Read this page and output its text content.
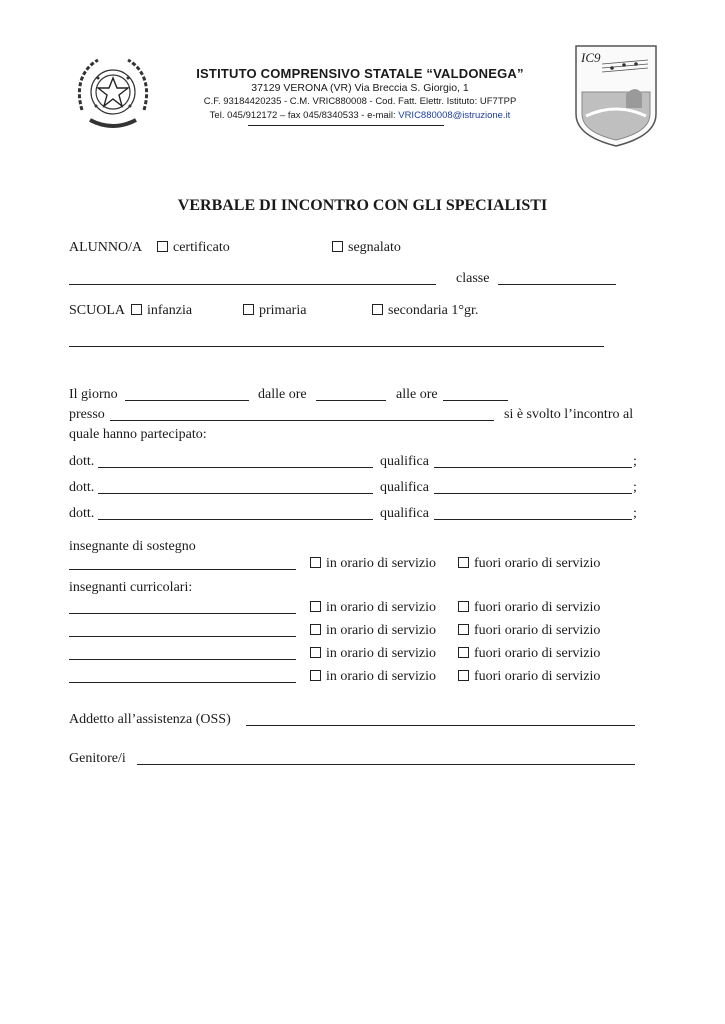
ISTITUTO COMPRENSIVO STATALE “VALDONEGA”
37129 VERONA (VR) Via Breccia S. Giorgio, 1
C.F. 93184420235 - C.M. VRIC880008 - Cod. Fatt. Elettr. Istituto: UF7TPP
Tel. 045/912172 – fax 045/8340533 - e-mail: VRIC880008@istruzione.it
IC9
VERBALE DI INCONTRO CON GLI SPECIALISTI
ALUNNO/A	certificato	segnalato
classe
SCUOLA	infanzia	primaria	secondaria 1°gr.
Il giorno	dalle ore	alle ore
presso	si è svolto l’incontro al
quale hanno partecipato:
dott.	qualifica	;
dott.	qualifica	;
dott.	qualifica	;
insegnante di sostegno
in orario di servizio	fuori orario di servizio
insegnanti curricolari:
in orario di servizio	fuori orario di servizio
in orario di servizio	fuori orario di servizio
in orario di servizio	fuori orario di servizio
in orario di servizio	fuori orario di servizio
Addetto all’assistenza (OSS)
Genitore/i
